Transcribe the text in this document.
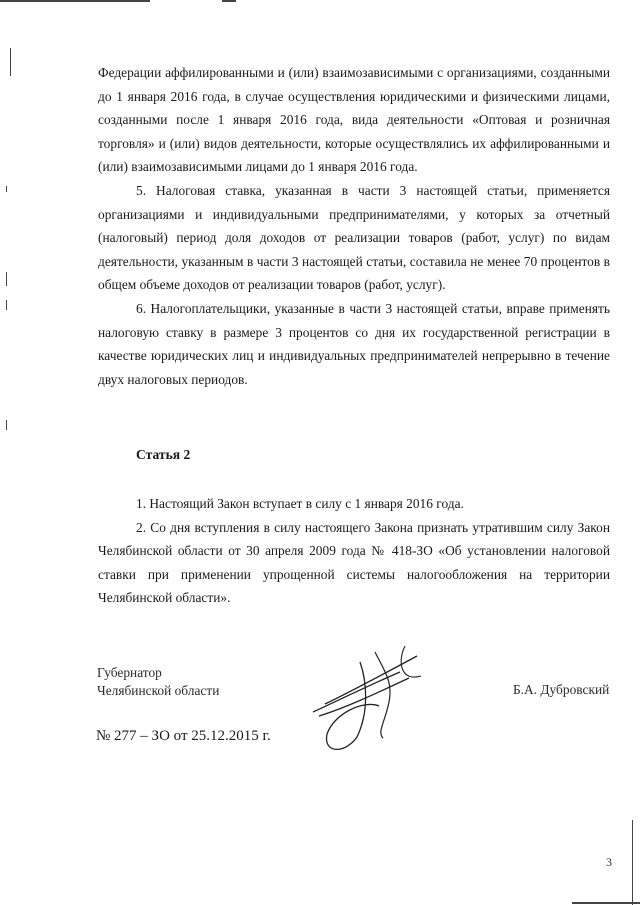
Федерации аффилированными и (или) взаимозависимыми с организациями, созданными до 1 января 2016 года, в случае осуществления юридическими и физическими лицами, созданными после 1 января 2016 года, вида деятельности «Оптовая и розничная торговля» и (или) видов деятельности, которые осуществлялись их аффилированными и (или) взаимозависимыми лицами до 1 января 2016 года.

5. Налоговая ставка, указанная в части 3 настоящей статьи, применяется организациями и индивидуальными предпринимателями, у которых за отчетный (налоговый) период доля доходов от реализации товаров (работ, услуг) по видам деятельности, указанным в части 3 настоящей статьи, составила не менее 70 процентов в общем объеме доходов от реализации товаров (работ, услуг).

6. Налогоплательщики, указанные в части 3 настоящей статьи, вправе применять налоговую ставку в размере 3 процентов со дня их государственной регистрации в качестве юридических лиц и индивидуальных предпринимателей непрерывно в течение двух налоговых периодов.

Статья 2

1. Настоящий Закон вступает в силу с 1 января 2016 года.

2. Со дня вступления в силу настоящего Закона признать утратившим силу Закон Челябинской области от 30 апреля 2009 года № 418-ЗО «Об установлении налоговой ставки при применении упрощенной системы налогообложения на территории Челябинской области».

Губернатор
Челябинской области	Б.А. Дубровский
№ 277 – ЗО от 25.12.2015 г.
3
